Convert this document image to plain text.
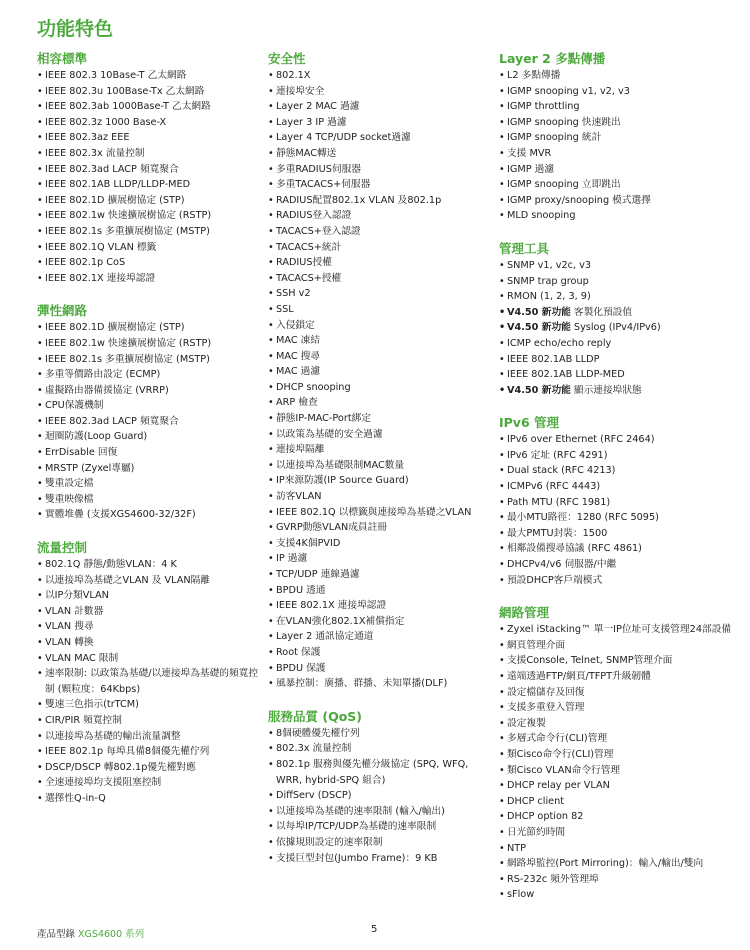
功能特色
相容標準
• IEEE 802.3 10Base-T 乙太網路
• IEEE 802.3u 100Base-Tx 乙太網路
• IEEE 802.3ab 1000Base-T 乙太網路
• IEEE 802.3z 1000 Base-X
• IEEE 802.3az EEE
• IEEE 802.3x 流量控制
• IEEE 802.3ad LACP 頻寬聚合
• IEEE 802.1AB LLDP/LLDP-MED
• IEEE 802.1D 擴展樹協定 (STP)
• IEEE 802.1w 快速擴展樹協定 (RSTP)
• IEEE 802.1s 多重擴展樹協定 (MSTP)
• IEEE 802.1Q VLAN 標籤
• IEEE 802.1p CoS
• IEEE 802.1X 連接埠認證
彈性網路
• IEEE 802.1D 擴展樹協定 (STP)
• IEEE 802.1w 快速擴展樹協定 (RSTP)
• IEEE 802.1s 多重擴展樹協定 (MSTP)
• 多重等價路由設定 (ECMP)
• 虛擬路由器備援協定 (VRRP)
• CPU保護機制
• IEEE 802.3ad LACP 頻寬聚合
• 迴圈防護(Loop Guard)
• ErrDisable 回復
• MRSTP (Zyxel專屬)
• 雙重設定檔
• 雙重映像檔
• 實體堆疊 (支援XGS4600-32/32F)
流量控制
• 802.1Q 靜態/動態VLAN：4 K
• 以連接埠為基礎之VLAN 及 VLAN隔離
• 以IP分類VLAN
• VLAN 計數器
• VLAN 搜尋
• VLAN 轉換
• VLAN MAC 限制
• 速率限制: 以政策為基礎/以連接埠為基礎的頻寬控制 (顆粒度：64Kbps)
• 雙速三色指示(trTCM)
• CIR/PIR 頻寬控制
• 以連接埠為基礎的輸出流量調整
• IEEE 802.1p 每埠具備8個優先權佇列
• DSCP/DSCP 轉802.1p優先權對應
• 全速連接埠均支援阻塞控制
• 選擇性Q-in-Q
安全性
• 802.1X
• 連接埠安全
• Layer 2 MAC 過濾
• Layer 3 IP 過濾
• Layer 4 TCP/UDP socket過濾
• 靜態MAC轉送
• 多重RADIUS伺服器
• 多重TACACS+伺服器
• RADIUS配置802.1x VLAN 及802.1p
• RADIUS登入認證
• TACACS+登入認證
• TACACS+統計
• RADIUS授權
• TACACS+授權
• SSH v2
• SSL
• 入侵鎖定
• MAC 凍結
• MAC 搜尋
• MAC 過濾
• DHCP snooping
• ARP 檢查
• 靜態IP-MAC-Port綁定
• 以政策為基礎的安全過濾
• 連接埠隔離
• 以連接埠為基礎限制MAC數量
• IP來源防護(IP Source Guard)
• 訪客VLAN
• IEEE 802.1Q 以標籤與連接埠為基礎之VLAN
• GVRP動態VLAN成員註冊
• 支援4K個PVID
• IP 過濾
• TCP/UDP 連線過濾
• BPDU 透通
• IEEE 802.1X 連接埠認證
• 在VLAN強化802.1X補償指定
• Layer 2 通訊協定通道
• Root 保護
• BPDU 保護
• 風暴控制：廣播、群播、未知單播(DLF)
服務品質 (QoS)
• 8個硬體優先權佇列
• 802.3x 流量控制
• 802.1p 服務與優先權分級協定 (SPQ, WFQ, WRR, hybrid-SPQ 組合)
• DiffServ (DSCP)
• 以連接埠為基礎的速率限制 (輸入/輸出)
• 以每埠IP/TCP/UDP為基礎的速率限制
• 依據規則設定的速率限制
• 支援巨型封包(Jumbo Frame)：9 KB
Layer 2 多點傳播
• L2 多點傳播
• IGMP snooping v1, v2, v3
• IGMP throttling
• IGMP snooping 快速跳出
• IGMP snooping 統計
• 支援 MVR
• IGMP 過濾
• IGMP snooping 立即跳出
• IGMP proxy/snooping 模式選擇
• MLD snooping
管理工具
• SNMP v1, v2c, v3
• SNMP trap group
• RMON (1, 2, 3, 9)
• V4.50 新功能 客製化預設值
• V4.50 新功能 Syslog (IPv4/IPv6)
• ICMP echo/echo reply
• IEEE 802.1AB LLDP
• IEEE 802.1AB LLDP-MED
• V4.50 新功能 顯示連接埠狀態
IPv6 管理
• IPv6 over Ethernet (RFC 2464)
• IPv6 定址 (RFC 4291)
• Dual stack (RFC 4213)
• ICMPv6 (RFC 4443)
• Path MTU (RFC 1981)
• 最小MTU路徑：1280 (RFC 5095)
• 最大PMTU封裝：1500
• 相鄰設備搜尋協議 (RFC 4861)
• DHCPv4/v6 伺服器/中繼
• 預設DHCP客戶端模式
網路管理
• Zyxel iStacking™ 單一IP位址可支援管理24部設備
• 網頁管理介面
• 支援Console, Telnet, SNMP管理介面
• 遠端透過FTP/網頁/TFPT升級韌體
• 設定檔儲存及回復
• 支援多重登入管理
• 設定複製
• 多層式命令行(CLI)管理
• 類Cisco命令行(CLI)管理
• 類Cisco VLAN命令行管理
• DHCP relay per VLAN
• DHCP client
• DHCP option 82
• 日光節約時間
• NTP
• 網路埠監控(Port Mirroring)：輸入/輸出/雙向
• RS-232c 頻外管理埠
• sFlow
產品型錄 XGS4600 系列	5
